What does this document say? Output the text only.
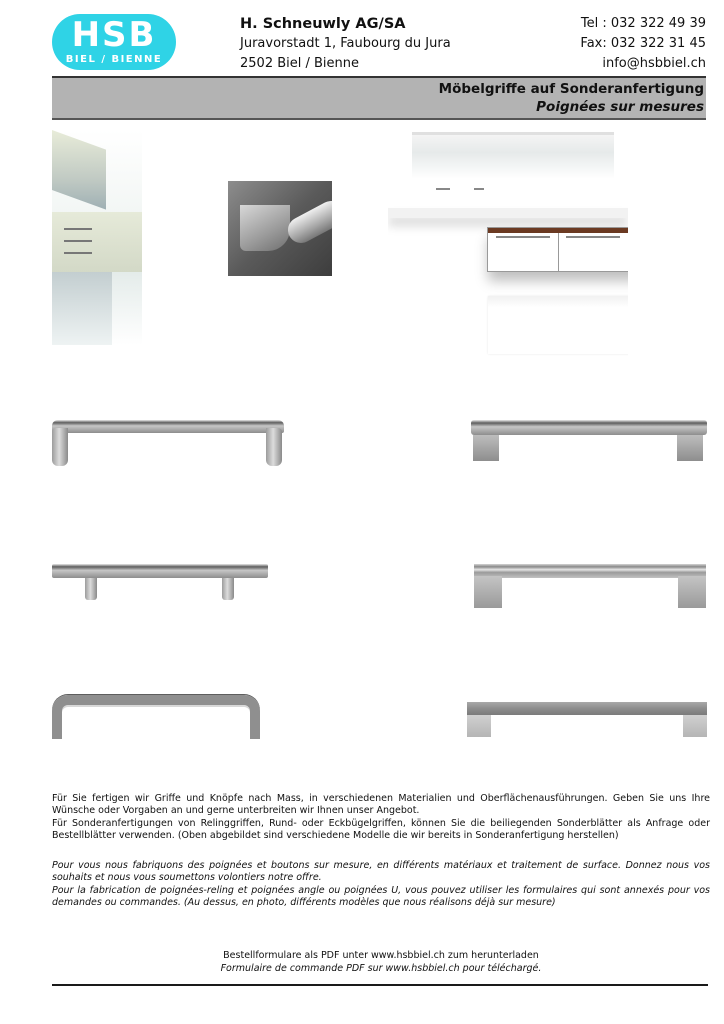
HSB
BIEL / BIENNE
H. Schneuwly AG/SA
Juravorstadt 1, Faubourg du Jura
2502 Biel / Bienne
Tel : 032 322 49 39
Fax: 032 322 31 45
info@hsbbiel.ch
Möbelgriffe auf Sonderanfertigung
Poignées sur mesures
Für Sie fertigen wir Griffe und Knöpfe nach Mass, in verschiedenen Materialien und Oberflächenausführungen. Geben Sie uns Ihre Wünsche oder Vorgaben an und gerne unterbreiten wir Ihnen unser Angebot.
Für Sonderanfertigungen von Relinggriffen, Rund- oder Eckbügelgriffen, können Sie die beiliegenden Sonderblätter als Anfrage oder Bestellblätter verwenden. (Oben abgebildet sind verschiedene Modelle die wir bereits in Sonderanfertigung herstellen)
Pour vous nous fabriquons des poignées et boutons sur mesure, en différents matériaux et traitement de surface. Donnez nous vos souhaits et nous vous soumettons volontiers notre offre.
Pour la fabrication de poignées-reling et poignées angle ou poignées U, vous pouvez utiliser les formulaires qui sont annexés pour vos demandes ou commandes. (Au dessus, en photo, différents modèles que nous réalisons déjà sur mesure)
Bestellformulare als PDF unter www.hsbbiel.ch zum herunterladen
Formulaire de commande PDF sur www.hsbbiel.ch pour téléchargé.
